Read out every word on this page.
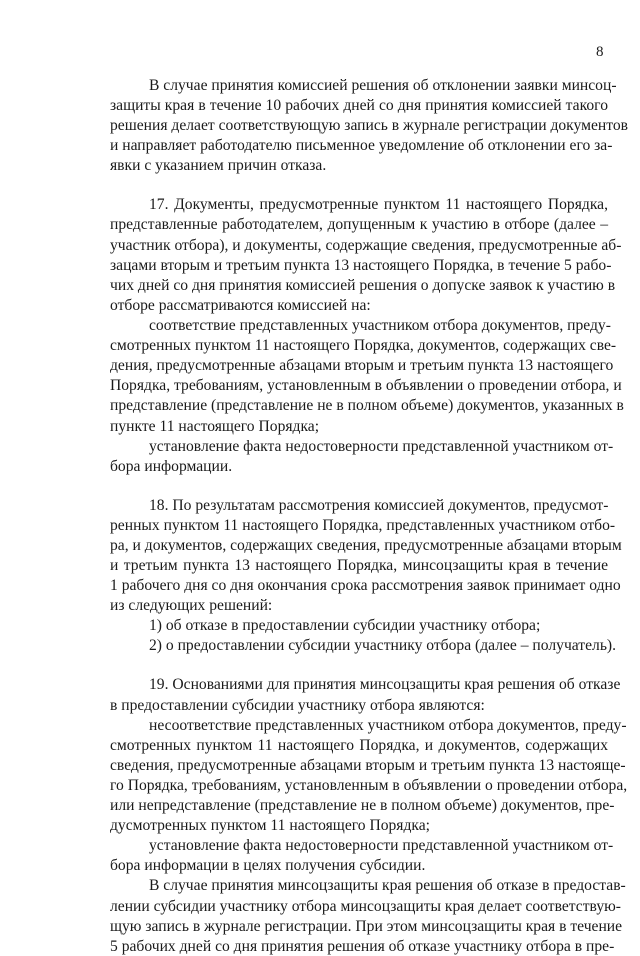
8
В случае принятия комиссией решения об отклонении заявки минсоц-
защиты края в течение 10 рабочих дней со дня принятия комиссией такого
решения делает соответствующую запись в журнале регистрации документов
и направляет работодателю письменное уведомление об отклонении его за-
явки с указанием причин отказа.
17. Документы, предусмотренные пунктом 11 настоящего Порядка,
представленные работодателем, допущенным к участию в отборе (далее –
участник отбора), и документы, содержащие сведения, предусмотренные аб-
зацами вторым и третьим пункта 13 настоящего Порядка, в течение 5 рабо-
чих дней со дня принятия комиссией решения о допуске заявок к участию в
отборе рассматриваются комиссией на:
соответствие представленных участником отбора документов, преду-
смотренных пунктом 11 настоящего Порядка, документов, содержащих све-
дения, предусмотренные абзацами вторым и третьим пункта 13 настоящего
Порядка, требованиям, установленным в объявлении о проведении отбора, и
представление (представление не в полном объеме) документов, указанных в
пункте 11 настоящего Порядка;
установление факта недостоверности представленной участником от-
бора информации.
18. По результатам рассмотрения комиссией документов, предусмот-
ренных пунктом 11 настоящего Порядка, представленных участником отбо-
ра, и документов, содержащих сведения, предусмотренные абзацами вторым
и третьим пункта 13 настоящего Порядка, минсоцзащиты края в течение
1 рабочего дня со дня окончания срока рассмотрения заявок принимает одно
из следующих решений:
1) об отказе в предоставлении субсидии участнику отбора;
2) о предоставлении субсидии участнику отбора (далее – получатель).
19. Основаниями для принятия минсоцзащиты края решения об отказе
в предоставлении субсидии участнику отбора являются:
несоответствие представленных участником отбора документов, преду-
смотренных пунктом 11 настоящего Порядка, и документов, содержащих
сведения, предусмотренные абзацами вторым и третьим пункта 13 настояще-
го Порядка, требованиям, установленным в объявлении о проведении отбора,
или непредставление (представление не в полном объеме) документов, пре-
дусмотренных пунктом 11 настоящего Порядка;
установление факта недостоверности представленной участником от-
бора информации в целях получения субсидии.
В случае принятия минсоцзащиты края решения об отказе в предостав-
лении субсидии участнику отбора минсоцзащиты края делает соответствую-
щую запись в журнале регистрации. При этом минсоцзащиты края в течение
5 рабочих дней со дня принятия решения об отказе участнику отбора в пре-
